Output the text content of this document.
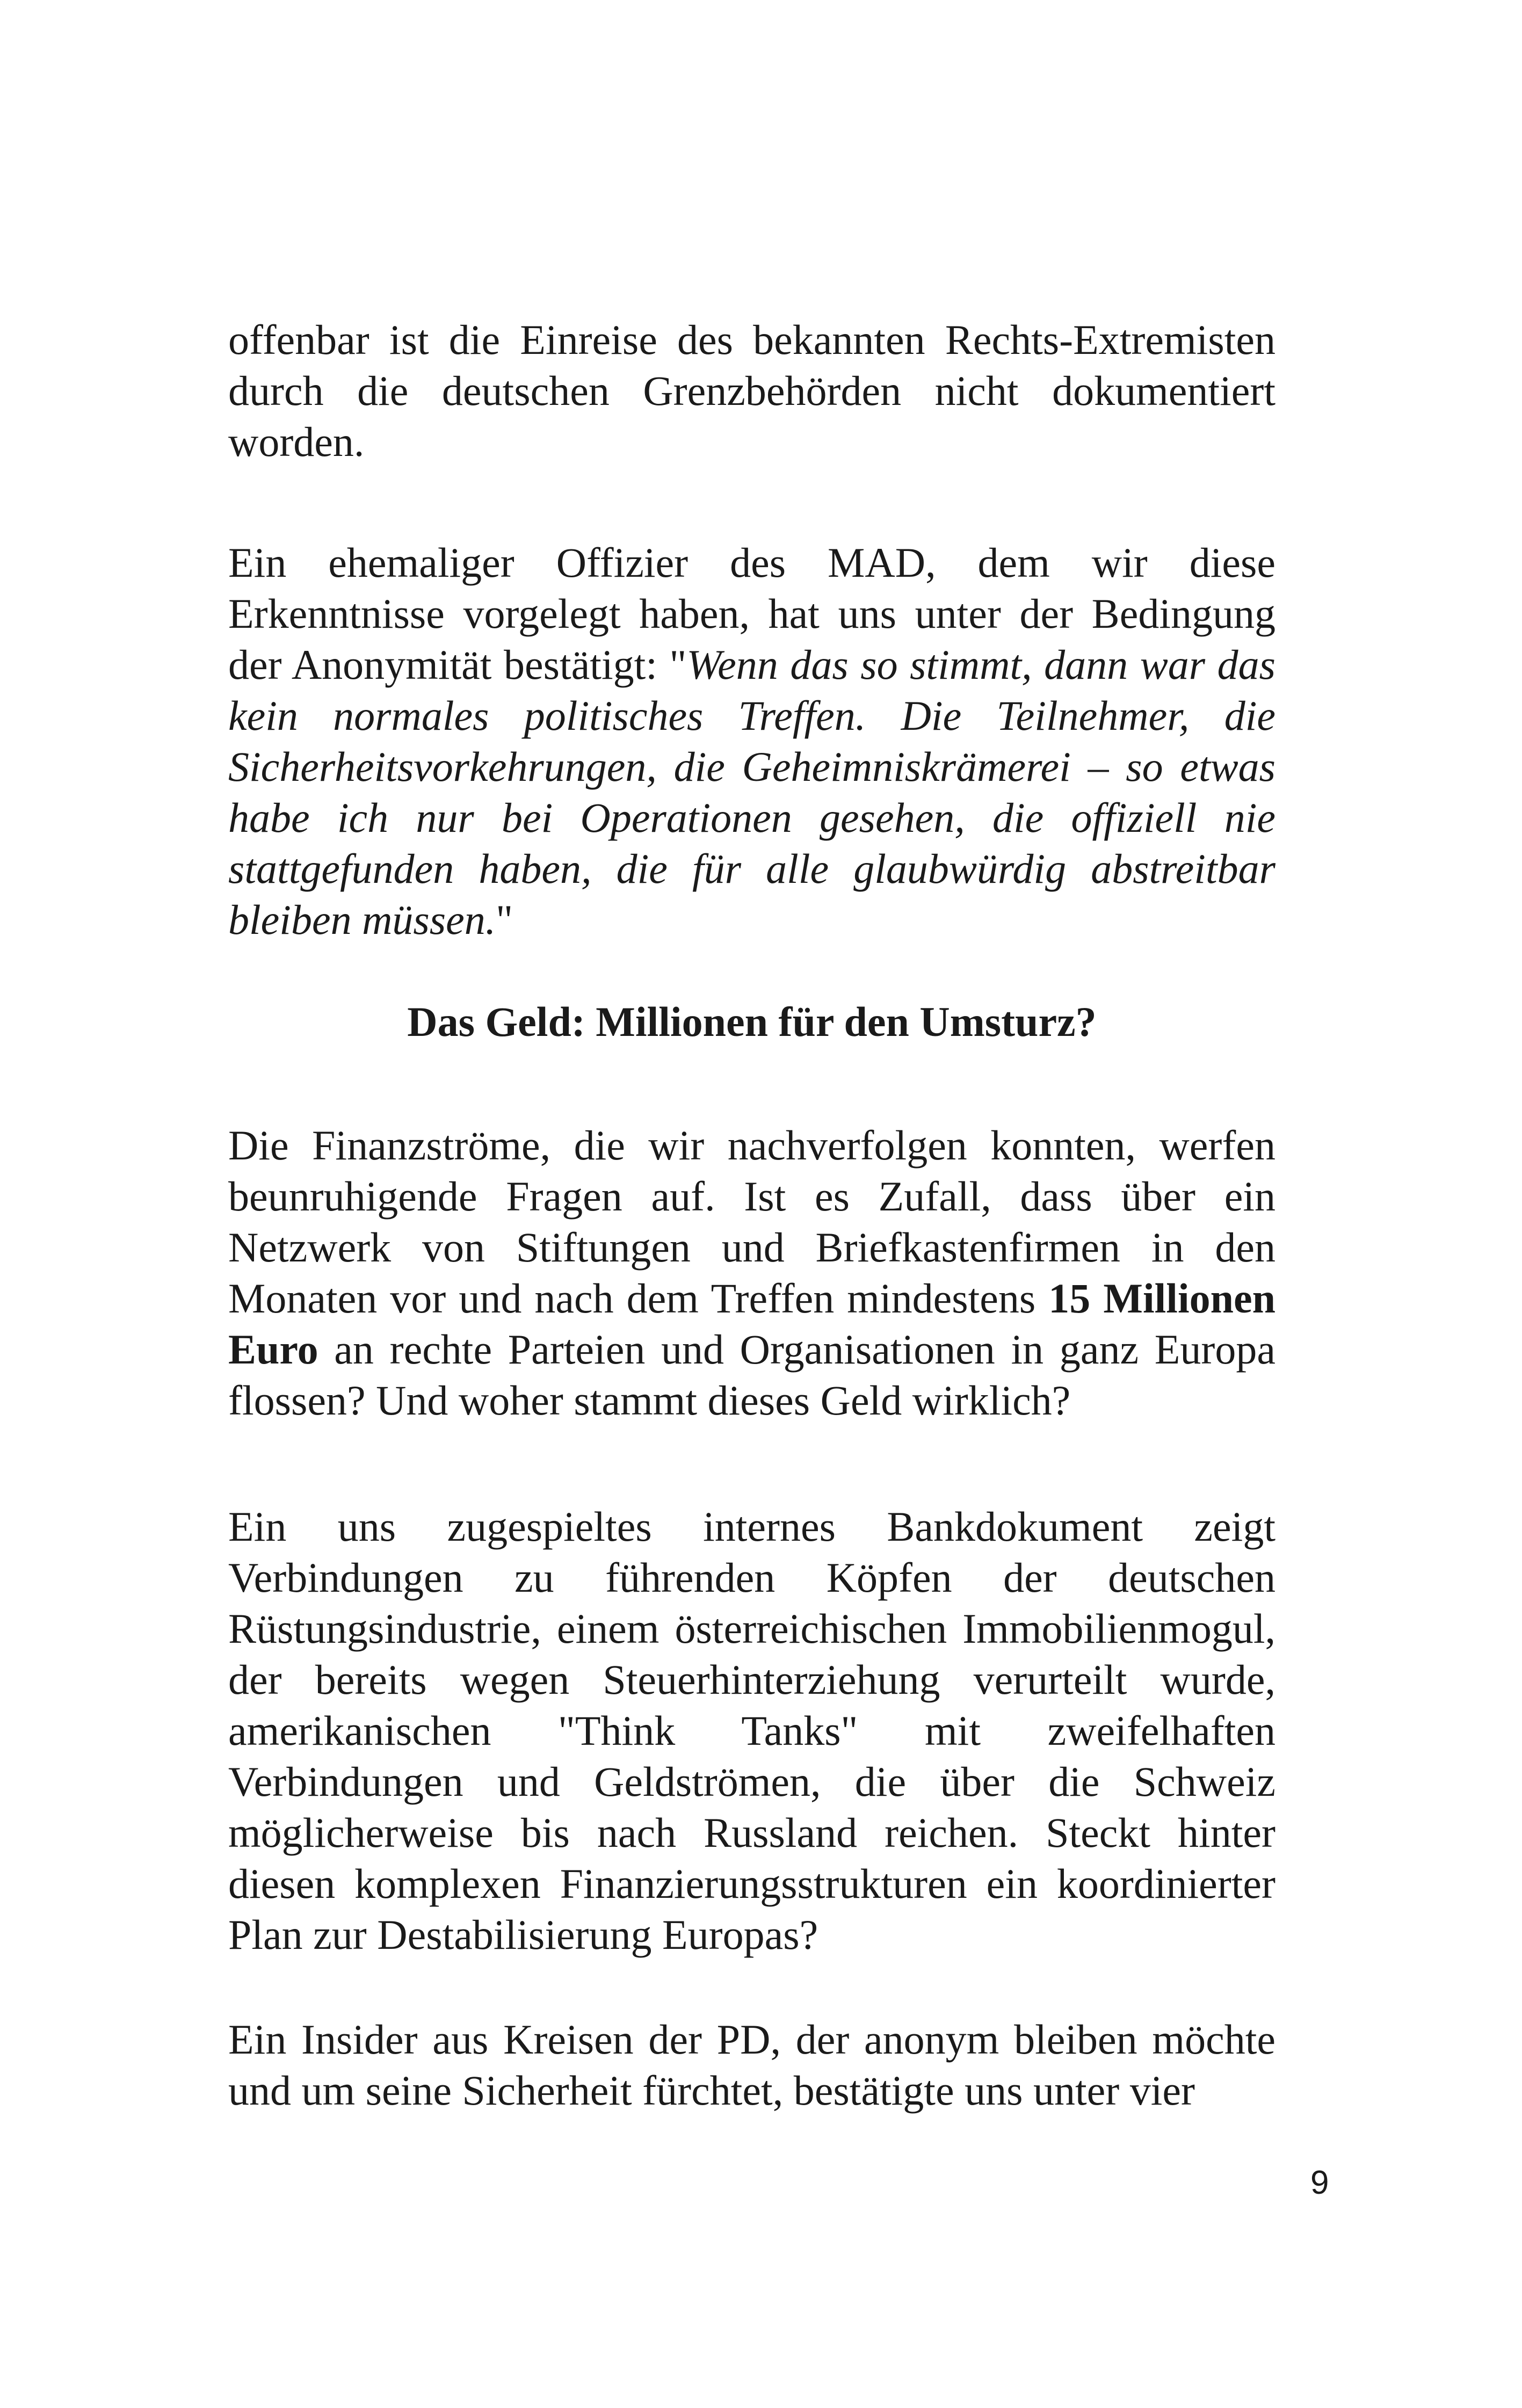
offenbar ist die Einreise des bekannten Rechts-Extremisten durch die deutschen Grenzbehörden nicht dokumentiert worden.

Ein ehemaliger Offizier des MAD, dem wir diese Erkenntnisse vorgelegt haben, hat uns unter der Bedingung der Anonymität bestätigt: "Wenn das so stimmt, dann war das kein normales politisches Treffen. Die Teilnehmer, die Sicherheitsvorkehrungen, die Geheimniskrämerei – so etwas habe ich nur bei Operationen gesehen, die offiziell nie stattgefunden haben, die für alle glaubwürdig abstreitbar bleiben müssen."

Das Geld: Millionen für den Umsturz?

Die Finanzströme, die wir nachverfolgen konnten, werfen beunruhigende Fragen auf. Ist es Zufall, dass über ein Netzwerk von Stiftungen und Briefkastenfirmen in den Monaten vor und nach dem Treffen mindestens 15 Millionen Euro an rechte Parteien und Organisationen in ganz Europa flossen? Und woher stammt dieses Geld wirklich?

Ein uns zugespieltes internes Bankdokument zeigt Verbindungen zu führenden Köpfen der deutschen Rüstungsindustrie, einem österreichischen Immobilienmogul, der bereits wegen Steuerhinterziehung verurteilt wurde, amerikanischen "Think Tanks" mit zweifelhaften Verbindungen und Geldströmen, die über die Schweiz möglicherweise bis nach Russland reichen. Steckt hinter diesen komplexen Finanzierungsstrukturen ein koordinierter Plan zur Destabilisierung Europas?

Ein Insider aus Kreisen der PD, der anonym bleiben möchte und um seine Sicherheit fürchtet, bestätigte uns unter vier

9
